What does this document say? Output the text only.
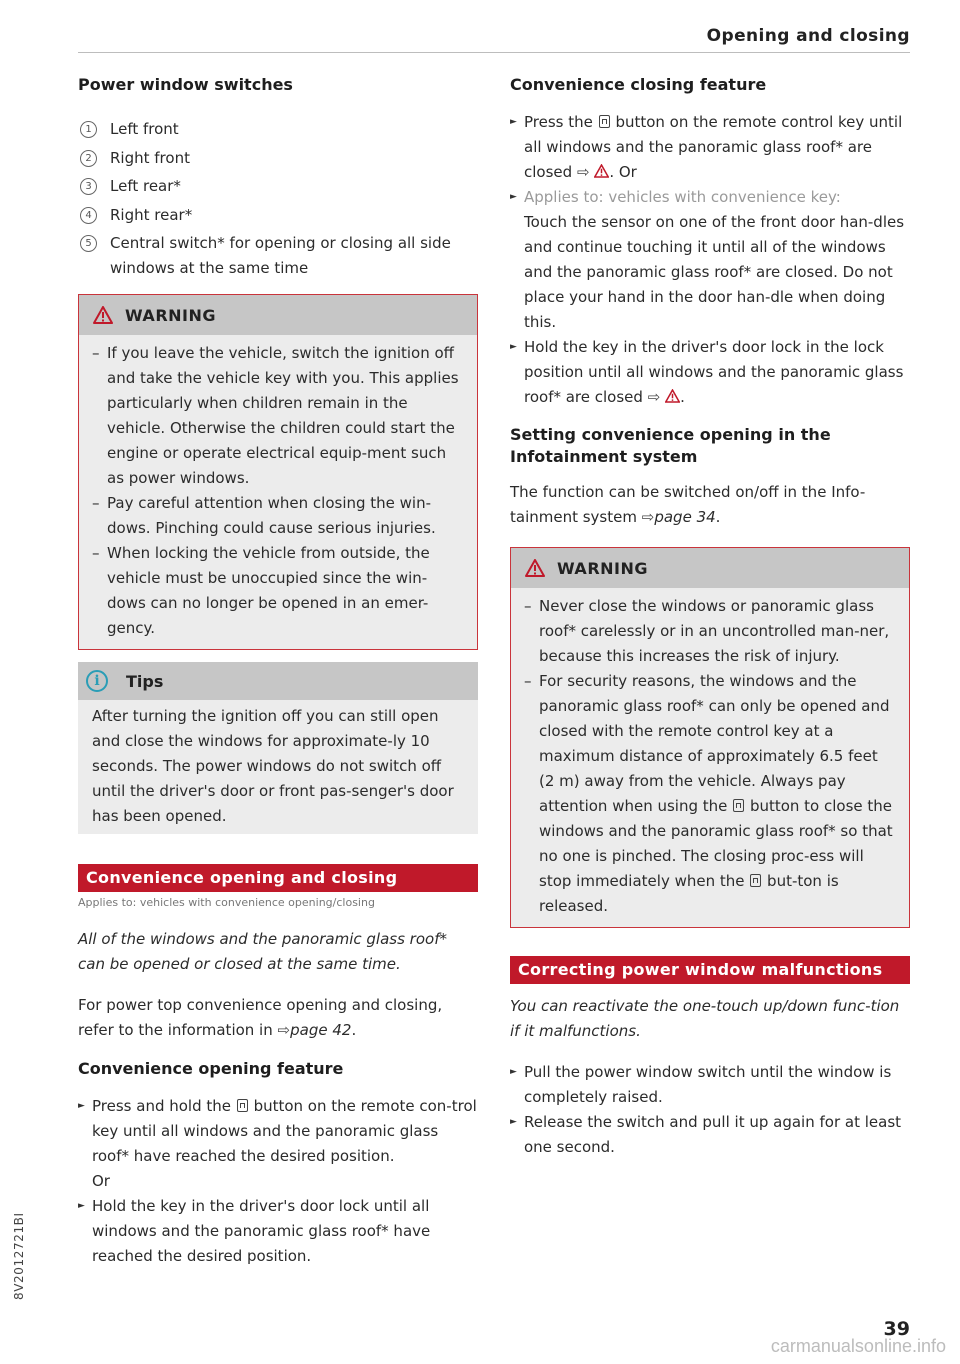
Opening and closing
Power window switches
1	Left front
2	Right front
3	Left rear*
4	Right rear*
5	Central switch* for opening or closing all side windows at the same time
WARNING
– If you leave the vehicle, switch the ignition off and take the vehicle key with you. This applies particularly when children remain in the vehicle. Otherwise the children could start the engine or operate electrical equip-ment such as power windows.
– Pay careful attention when closing the win-dows. Pinching could cause serious injuries.
– When locking the vehicle from outside, the vehicle must be unoccupied since the win-dows can no longer be opened in an emer-gency.
i	Tips

After turning the ignition off you can still open and close the windows for approximate-ly 10 seconds. The power windows do not switch off until the driver's door or front pas-senger's door has been opened.

Convenience opening and closing
Applies to: vehicles with convenience opening/closing

All of the windows and the panoramic glass roof* can be opened or closed at the same time.

For power top convenience opening and closing, refer to the information in ⇨page 42.

Convenience opening feature
► Press and hold the button on the remote con-trol key until all windows and the panoramic glass roof* have reached the desired position.
Or
► Hold the key in the driver's door lock until all windows and the panoramic glass roof* have reached the desired position.
Convenience closing feature
► Press the button on the remote control key until all windows and the panoramic glass roof* are closed ⇨ . Or
► Applies to: vehicles with convenience key:
Touch the sensor on one of the front door han-dles and continue touching it until all of the windows and the panoramic glass roof* are closed. Do not place your hand in the door han-dle when doing this.
► Hold the key in the driver's door lock in the lock position until all windows and the panoramic glass roof* are closed ⇨ .
Setting convenience opening in the Infotainment system

The function can be switched on/off in the Info-tainment system ⇨page 34.

WARNING
– Never close the windows or panoramic glass roof* carelessly or in an uncontrolled man-ner, because this increases the risk of injury.
– For security reasons, the windows and the panoramic glass roof* can only be opened and closed with the remote control key at a maximum distance of approximately 6.5 feet (2 m) away from the vehicle. Always pay attention when using the button to close the windows and the panoramic glass roof* so that no one is pinched. The closing proc-ess will stop immediately when the but-ton is released.
Correcting power window malfunctions

You can reactivate the one-touch up/down func-tion if it malfunctions.

► Pull the power window switch until the window is completely raised.
► Release the switch and pull it up again for at least one second.
8V2012721BI
39
carmanualsonline.info
